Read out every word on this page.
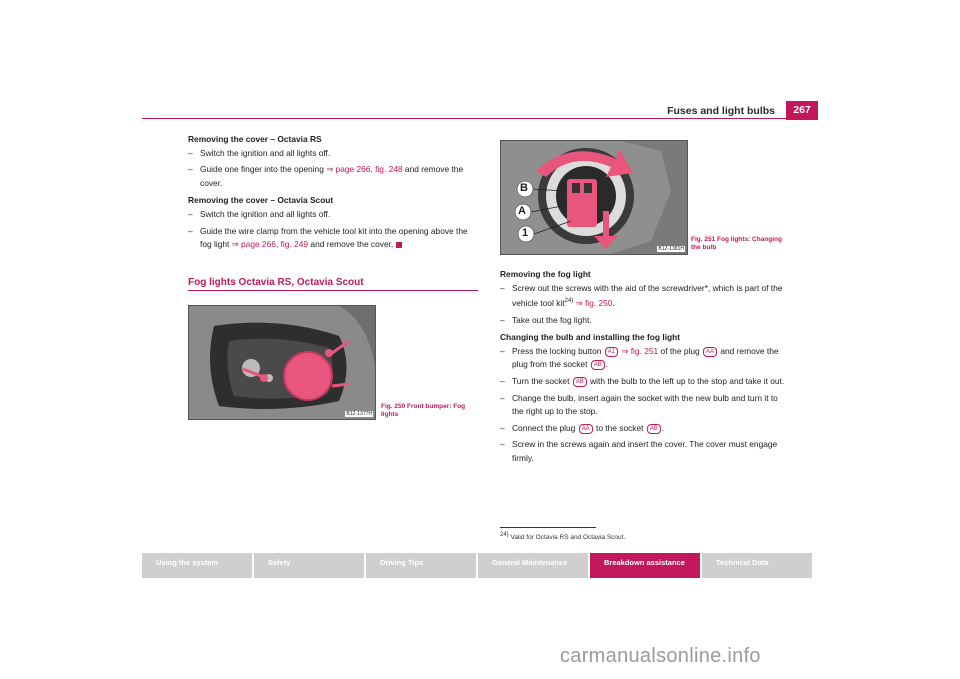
Fuses and light bulbs	267
Removing the cover – Octavia RS
– Switch the ignition and all lights off.
– Guide one finger into the opening ⇒ page 266, fig. 248 and remove the cover.
Removing the cover – Octavia Scout
– Switch the ignition and all lights off.
– Guide the wire clamp from the vehicle tool kit into the opening above the fog light ⇒ page 266, fig. 249 and remove the cover.
Fog lights Octavia RS, Octavia Scout
B1Z-1377H
Fig. 250 Front bumper: Fog lights
B
A
1
B1Z-1381H
Fig. 251 Fog lights: Changing the bulb
Removing the fog light
– Screw out the screws with the aid of the screwdriver*, which is part of the vehicle tool kit$^{24)}$ ⇒ fig. 250.
– Take out the fog light.
Changing the bulb and installing the fog light
– Press the locking button A1 ⇒ fig. 251 of the plug AA and remove the plug from the socket AB .
– Turn the socket AB with the bulb to the left up to the stop and take it out.
– Change the bulb, insert again the socket with the new bulb and turn it to the right up to the stop.
– Connect the plug AA to the socket AB .
– Screw in the screws again and insert the cover. The cover must engage firmly.
$^{24)}$ Valid for Octavia RS and Octavia Scout.
Using the system	Safety	Driving Tips	General Maintenance	Breakdown assistance	Technical Data
carmanualsonline.info
